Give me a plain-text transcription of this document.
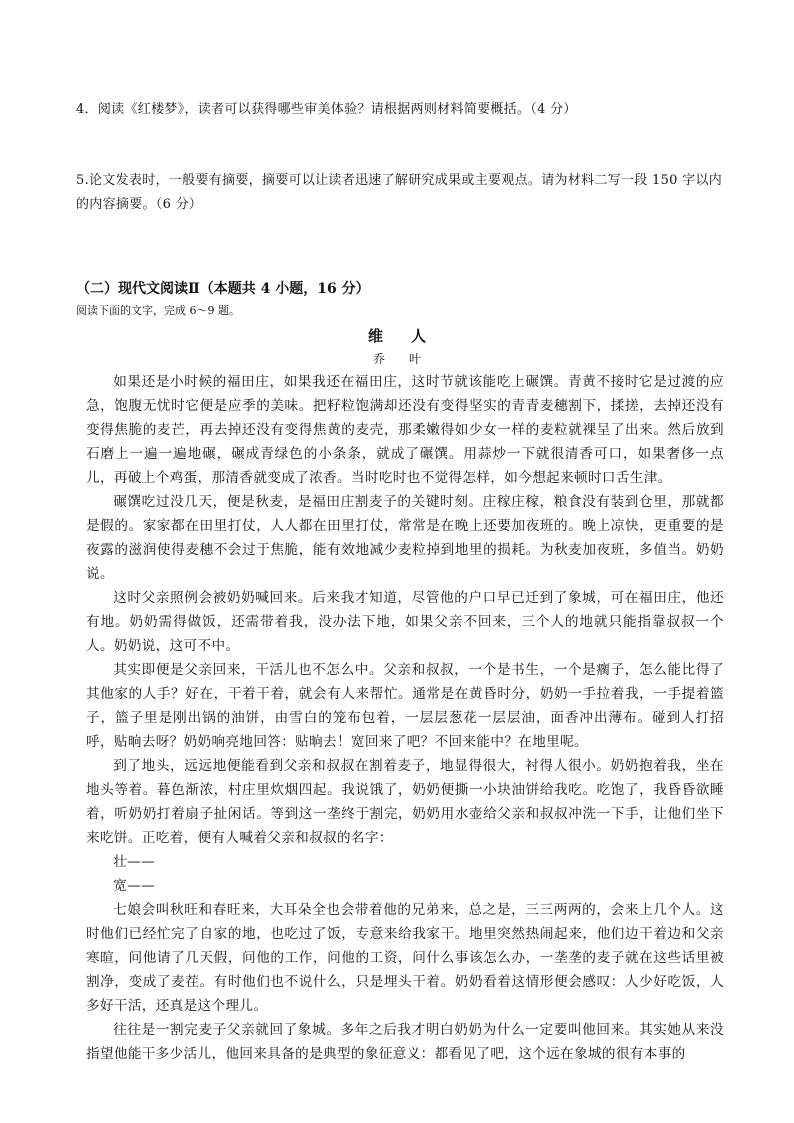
4．阅读《红楼梦》，读者可以获得哪些审美体验？请根据两则材料简要概括。（4 分）
5.论文发表时，一般要有摘要，摘要可以让读者迅速了解研究成果或主要观点。请为材料二写一段 150 字以内的内容摘要。（6 分）
（二）现代文阅读Ⅱ（本题共 4 小题，16 分）
阅读下面的文字，完成 6～9 题。
维人
乔叶

如果还是小时候的福田庄，如果我还在福田庄，这时节就该能吃上碾馔。青黄不接时它是过渡的应急，饱腹无忧时它便是应季的美味。把籽粒饱满却还没有变得坚实的青青麦穗割下，揉搓，去掉还没有变得焦脆的麦芒，再去掉还没有变得焦黄的麦壳，那柔嫩得如少女一样的麦粒就裸呈了出来。然后放到石磨上一遍一遍地碾，碾成青绿色的小条条，就成了碾馔。用蒜炒一下就很清香可口，如果奢侈一点儿，再破上个鸡蛋，那清香就变成了浓香。当时吃时也不觉得怎样，如今想起来顿时口舌生津。

碾馔吃过没几天，便是秋麦，是福田庄割麦子的关键时刻。庄稼庄稼，粮食没有装到仓里，那就都是假的。家家都在田里打仗，人人都在田里打仗，常常是在晚上还要加夜班的。晚上凉快，更重要的是夜露的滋润使得麦穗不会过于焦脆，能有效地减少麦粒掉到地里的损耗。为秋麦加夜班，多值当。奶奶说。

这时父亲照例会被奶奶喊回来。后来我才知道，尽管他的户口早已迁到了象城，可在福田庄，他还有地。奶奶需得做饭，还需带着我，没办法下地，如果父亲不回来，三个人的地就只能指靠叔叔一个人。奶奶说，这可不中。

其实即便是父亲回来，干活儿也不怎么中。父亲和叔叔，一个是书生，一个是瘸子，怎么能比得了其他家的人手？好在，干着干着，就会有人来帮忙。通常是在黄昏时分，奶奶一手拉着我，一手提着篮子，篮子里是刚出锅的油饼，由雪白的笼布包着，一层层葱花一层层油，面香冲出薄布。碰到人打招呼，贴晌去呀？奶奶响亮地回答：贴晌去！宽回来了吧？不回来能中？在地里呢。

到了地头，远远地便能看到父亲和叔叔在割着麦子，地显得很大，衬得人很小。奶奶抱着我，坐在地头等着。暮色渐浓，村庄里炊烟四起。我说饿了，奶奶便撕一小块油饼给我吃。吃饱了，我昏昏欲睡着，听奶奶打着扇子扯闲话。等到这一垄终于割完，奶奶用水壶给父亲和叔叔冲洗一下手，让他们坐下来吃饼。正吃着，便有人喊着父亲和叔叔的名字：

壮——

宽——

七娘会叫秋旺和春旺来，大耳朵全也会带着他的兄弟来，总之是，三三两两的，会来上几个人。这时他们已经忙完了自家的地，也吃过了饭，专意来给我家干。地里突然热闹起来，他们边干着边和父亲寒暄，问他请了几天假，问他的工作，问他的工资，问什么事该怎么办，一垄垄的麦子就在这些话里被割净，变成了麦茬。有时他们也不说什么，只是埋头干着。奶奶看着这情形便会感叹：人少好吃饭，人多好干活，还真是这个理儿。

往往是一割完麦子父亲就回了象城。多年之后我才明白奶奶为什么一定要叫他回来。其实她从来没指望他能干多少活儿，他回来具备的是典型的象征意义：都看见了吧，这个远在象城的很有本事的
